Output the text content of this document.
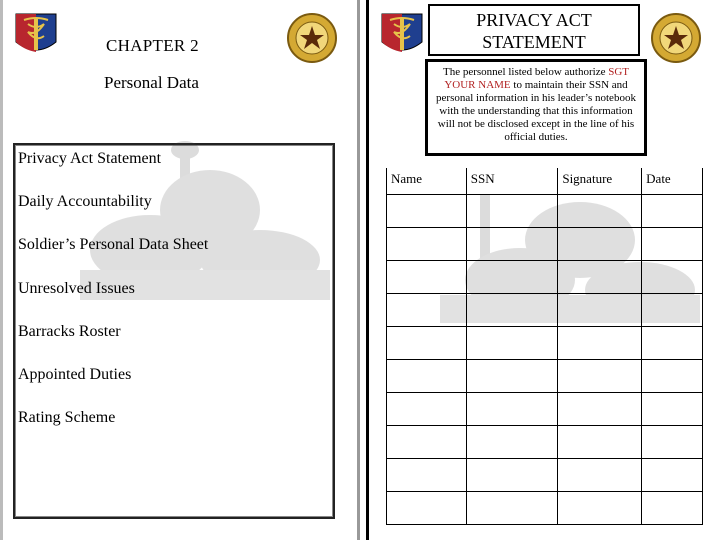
CHAPTER 2
Personal Data
Privacy Act Statement
Daily Accountability
Soldier’s Personal Data Sheet
Unresolved Issues
Barracks Roster
Appointed Duties
Rating Scheme
PRIVACY ACT
STATEMENT
The personnel listed below authorize SGT YOUR NAME to maintain their SSN and personal information in his leader’s notebook with the understanding that this information will not be disclosed except in the line of his official duties.
Name	SSN	Signature	Date
